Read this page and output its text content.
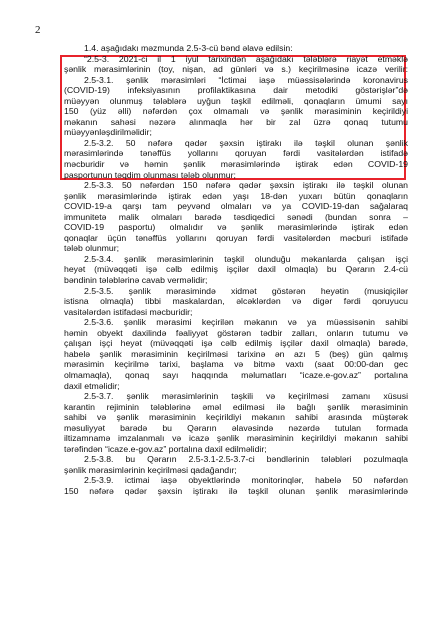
2
1.4. aşağıdakı məzmunda 2.5-3-cü bənd əlavə edilsin:
“2.5-3. 2021-ci il 1 iyul tarixindən aşağıdakı tələblərə riayət etməklə
şənlik mərasimlərinin (toy, nişan, ad günləri və s.) keçirilməsinə icazə verilir:
2.5-3.1. şənlik mərasimləri “İctimai iaşə müəssisələrində koronavirus
(COVID-19) infeksiyasının profilaktikasına dair metodiki göstərişlər”də
müəyyən olunmuş tələblərə uyğun təşkil edilməli, qonaqların ümumi sayı
150 (yüz əlli) nəfərdən çox olmamalı və şənlik mərasiminin keçirildiyi
məkanın sahəsi nəzərə alınmaqla hər bir zal üzrə qonaq tutumu
müəyyənləşdirilməlidir;
2.5-3.2. 50 nəfərə qədər şəxsin iştirakı ilə təşkil olunan şənlik
mərasimlərində tənəffüs yollarını qoruyan fərdi vasitələrdən istifadə
məcburidir və həmin şənlik mərasimlərində iştirak edən COVID-19
pasportunun təqdim olunması tələb olunmur;
2.5-3.3. 50 nəfərdən 150 nəfərə qədər şəxsin iştirakı ilə təşkil olunan
şənlik mərasimlərində iştirak edən yaşı 18-dən yuxarı bütün qonaqların
COVID-19-a qarşı tam peyvənd olmaları və ya COVID-19-dan sağalaraq
immunitetə malik olmaları barədə təsdiqedici sənədi (bundan sonra –
COVID-19 pasportu) olmalıdır və şənlik mərasimlərində iştirak edən
qonaqlar üçün tənəffüs yollarını qoruyan fərdi vasitələrdən məcburi istifadə
tələb olunmur;
2.5-3.4. şənlik mərasimlərinin təşkil olunduğu məkanlarda çalışan işçi
heyət (müvəqqəti işə cəlb edilmiş işçilər daxil olmaqla) bu Qərarın 2.4-cü
bəndinin tələblərinə cavab verməlidir;
2.5-3.5. şənlik mərasimində xidmət göstərən heyətin (musiqiçilər
istisna olmaqla) tibbi maskalardan, əlcəklərdən və digər fərdi qoruyucu
vasitələrdən istifadəsi məcburidir;
2.5-3.6. şənlik mərasimi keçirilən məkanın və ya müəssisənin sahibi
həmin obyekt daxilində fəaliyyət göstərən tədbir zalları, onların tutumu və
çalışan işçi heyət (müvəqqəti işə cəlb edilmiş işçilər daxil olmaqla) barədə,
habelə şənlik mərasiminin keçirilməsi tarixinə ən azı 5 (beş) gün qalmış
mərasimin keçirilmə tarixi, başlama və bitmə vaxtı (saat 00:00-dan gec
olmamaqla), qonaq sayı haqqında məlumatları “icaze.e-gov.az” portalına
daxil etməlidir;
2.5-3.7. şənlik mərasimlərinin təşkili və keçirilməsi zamanı xüsusi
karantin rejiminin tələblərinə əməl edilməsi ilə bağlı şənlik mərasiminin
sahibi və şənlik mərasiminin keçirildiyi məkanın sahibi arasında müştərək
məsuliyyət barədə bu Qərarın əlavəsində nəzərdə tutulan formada
iltizamnamə imzalanmalı və icazə şənlik mərasiminin keçirildiyi məkanın sahibi
tərəfindən “icaze.e-gov.az” portalına daxil edilməlidir;
2.5-3.8. bu Qərarın 2.5-3.1-2.5-3.7-ci bəndlərinin tələbləri pozulmaqla
şənlik mərasimlərinin keçirilməsi qadağandır;
2.5-3.9. ictimai iaşə obyektlərində monitorinqlər, habelə 50 nəfərdən
150 nəfərə qədər şəxsin iştirakı ilə təşkil olunan şənlik mərasimlərində
